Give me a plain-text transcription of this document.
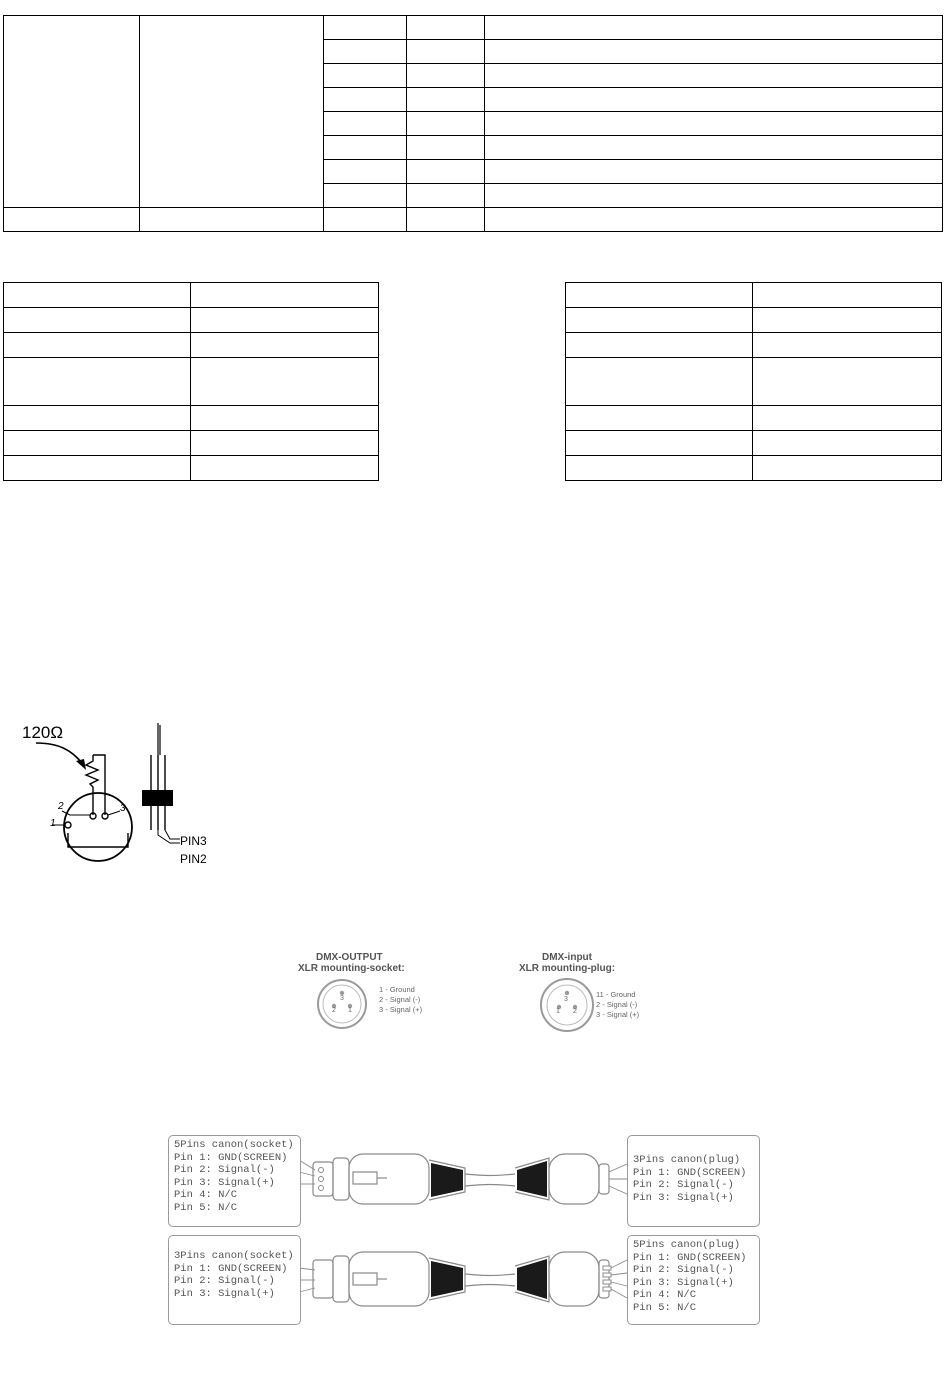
120Ω
1
2	3
PIN3
PIN2
DMX-OUTPUT
XLR mounting-socket:
3
2 1
1 - Ground
2 - Signal (-)
3 - Signal (+)
DMX-input
XLR mounting-plug:
3
1 2
11 - Ground
2 - Signal (-)
3 - Signal (+)
5Pins canon(socket)
Pin 1: GND(SCREEN)
Pin 2: Signal(-)
Pin 3: Signal(+)
Pin 4: N/C
Pin 5: N/C
3Pins canon(plug)
Pin 1: GND(SCREEN)
Pin 2: Signal(-)
Pin 3: Signal(+)
3Pins canon(socket)
Pin 1: GND(SCREEN)
Pin 2: Signal(-)
Pin 3: Signal(+)
5Pins canon(plug)
Pin 1: GND(SCREEN)
Pin 2: Signal(-)
Pin 3: Signal(+)
Pin 4: N/C
Pin 5: N/C
